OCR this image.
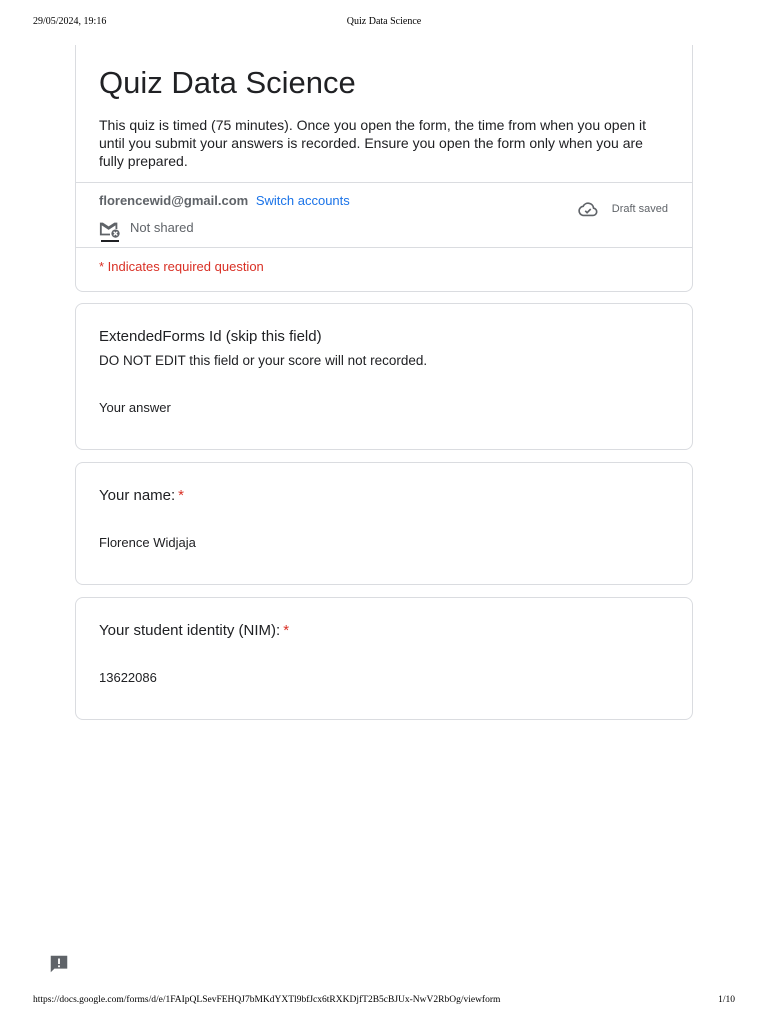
29/05/2024, 19:16	Quiz Data Science
Quiz Data Science
This quiz is timed (75 minutes). Once you open the form, the time from when you open it until you submit your answers is recorded. Ensure you open the form only when you are fully prepared.
florencewid@gmail.com Switch accounts
Not shared
Draft saved
* Indicates required question
ExtendedForms Id (skip this field)
DO NOT EDIT this field or your score will not recorded.
Your answer
Your name: *
Florence Widjaja
Your student identity (NIM): *
13622086
https://docs.google.com/forms/d/e/1FAIpQLSevFEHQJ7bMKdYXTl9bfJcx6tRXKDjfT2B5cBJUx-NwV2RbOg/viewform	1/10
